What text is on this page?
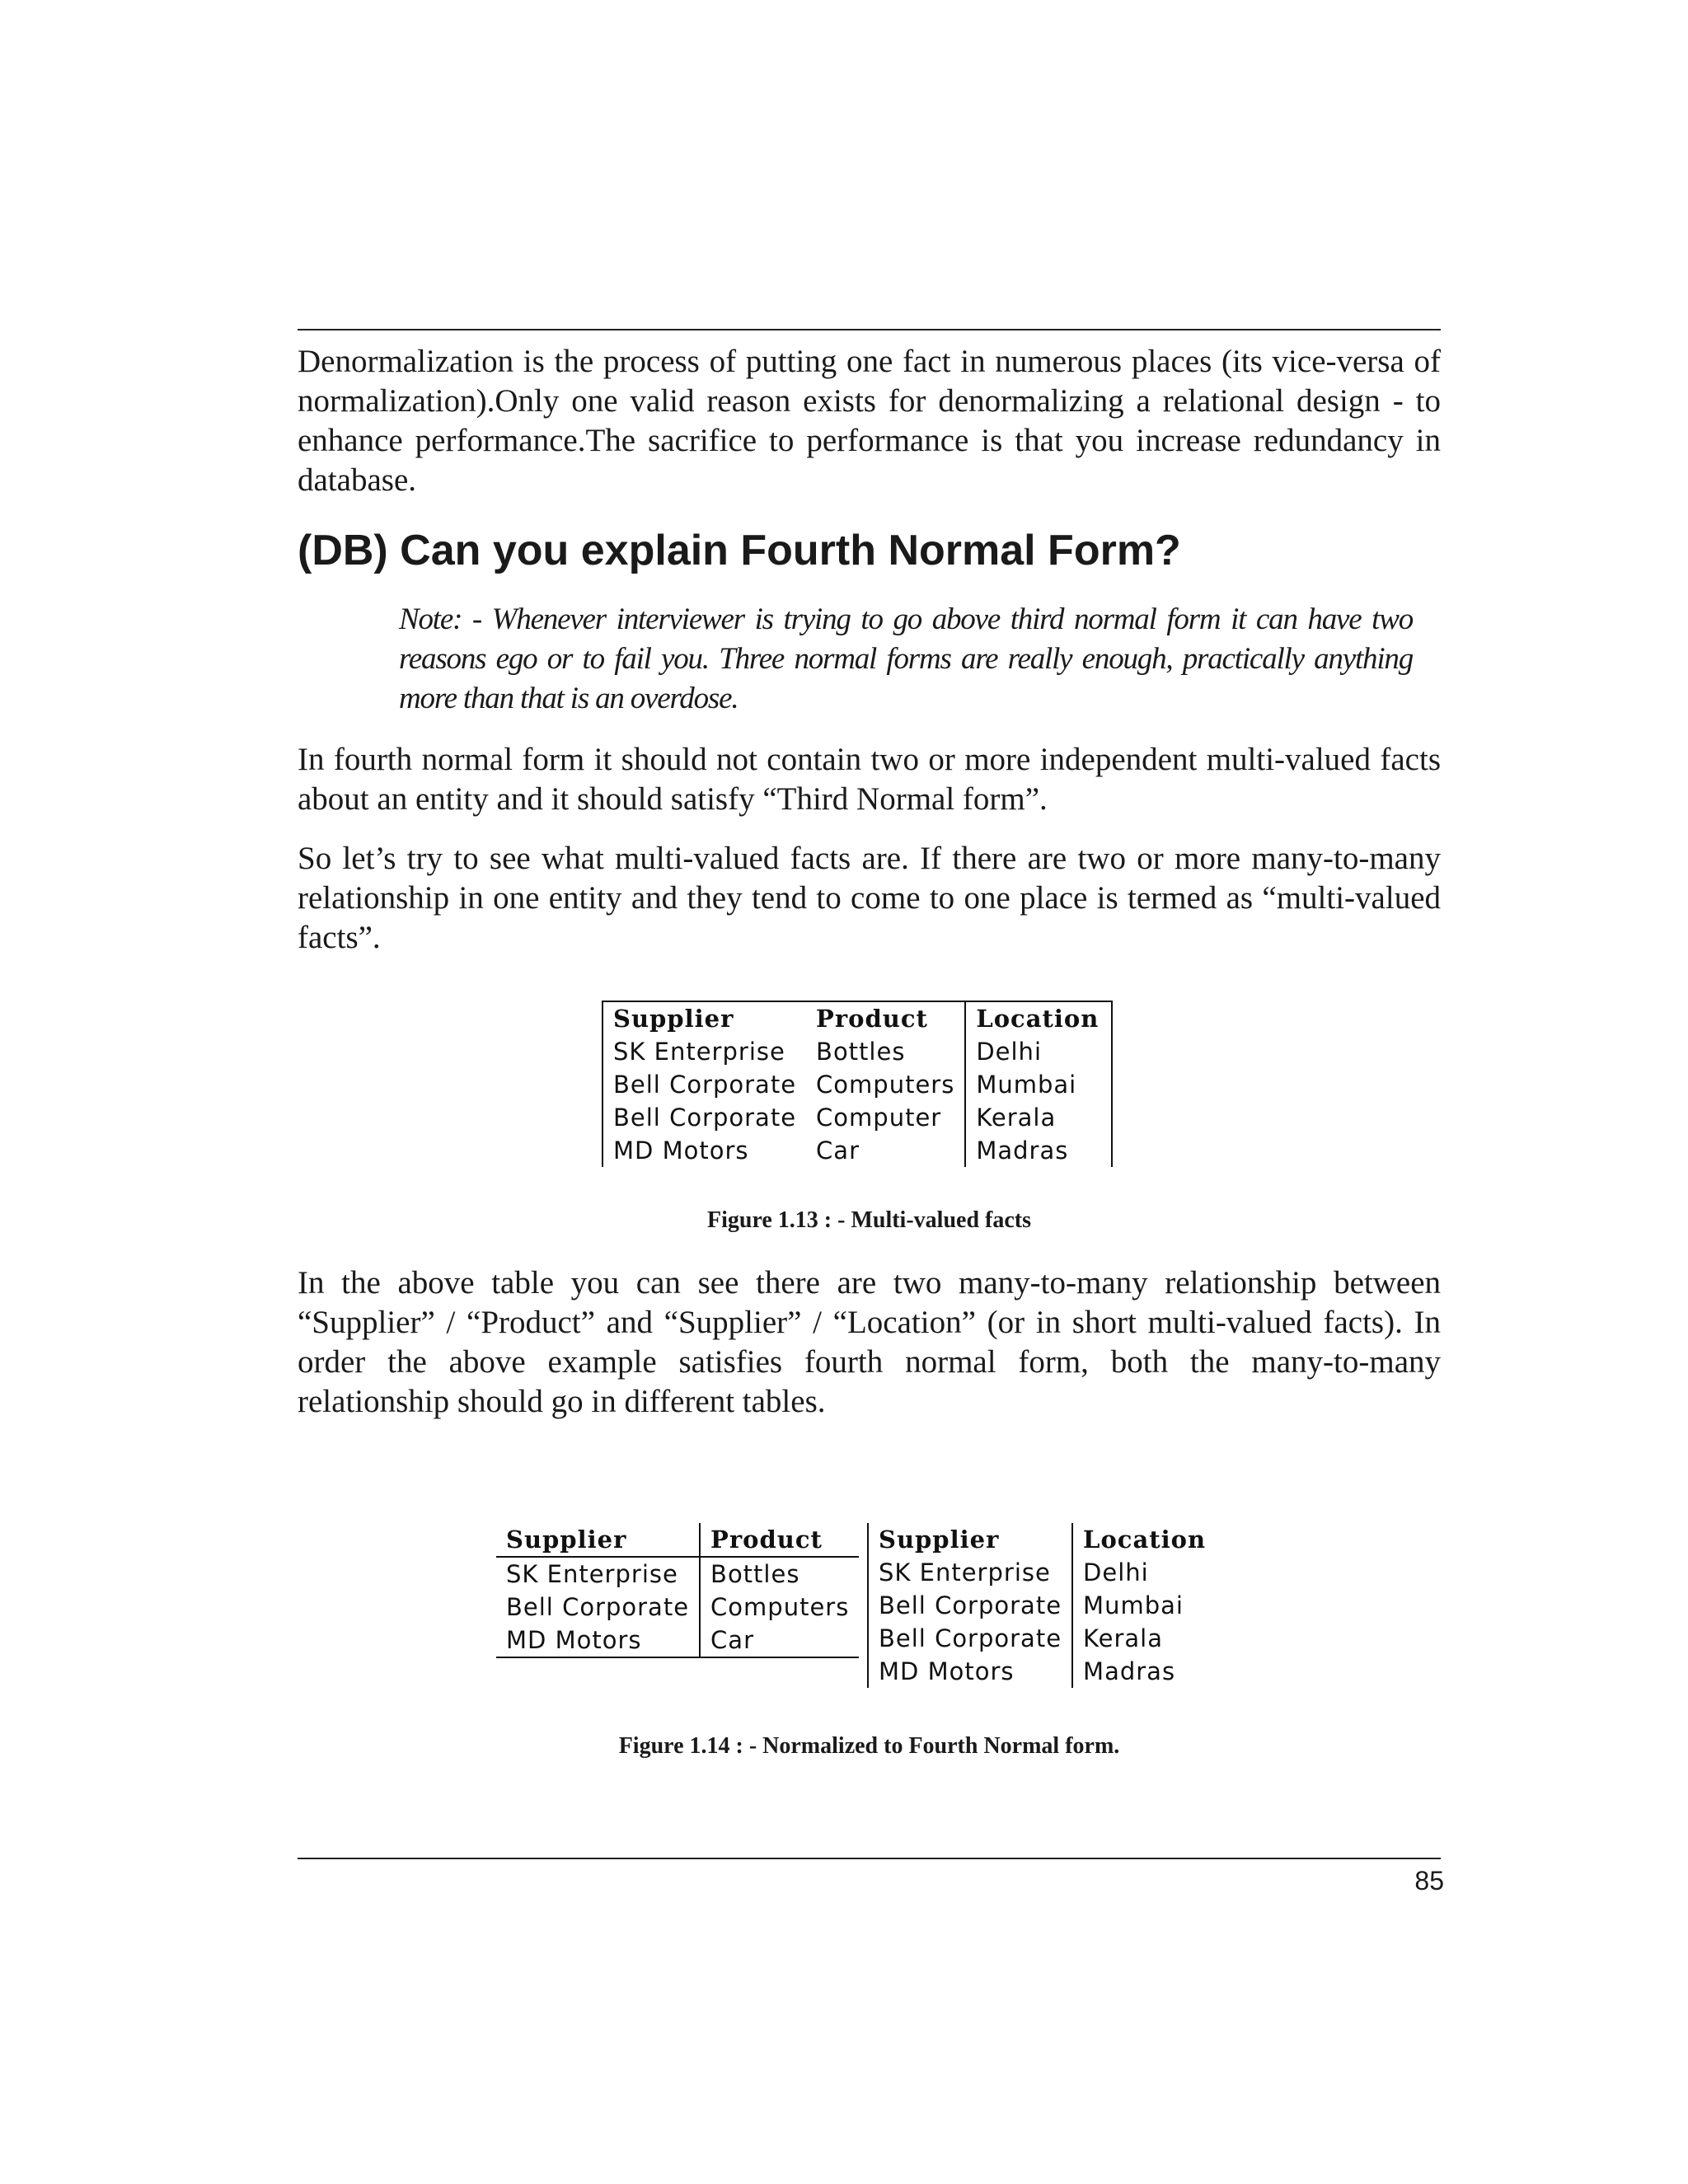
Denormalization is the process of putting one fact in numerous places (its vice-versa of normalization).Only one valid reason exists for denormalizing a relational design - to enhance performance.The sacrifice to performance is that you increase redundancy in database.

(DB) Can you explain Fourth Normal Form?

Note: - Whenever interviewer is trying to go above third normal form it can have two reasons ego or to fail you. Three normal forms are really enough, practically anything more than that is an overdose.

In fourth normal form it should not contain two or more independent multi-valued facts about an entity and it should satisfy “Third Normal form”.

So let’s try to see what multi-valued facts are. If there are two or more many-to-many relationship in one entity and they tend to come to one place is termed as “multi-valued facts”.

Supplier	Product	Location
SK Enterprise	Bottles	Delhi
Bell Corporate	Computers	Mumbai
Bell Corporate	Computer	Kerala
MD Motors	Car	Madras

Figure 1.13 : - Multi-valued facts

In the above table you can see there are two many-to-many relationship between “Supplier” / “Product” and “Supplier” / “Location” (or in short multi-valued facts). In order the above example satisfies fourth normal form, both the many-to-many relationship should go in different tables.

Supplier	Product
SK Enterprise	Bottles
Bell Corporate	Computers
MD Motors	Car
Supplier	Location
SK Enterprise	Delhi
Bell Corporate	Mumbai
Bell Corporate	Kerala
MD Motors	Madras

Figure 1.14 : - Normalized to Fourth Normal form.

85
